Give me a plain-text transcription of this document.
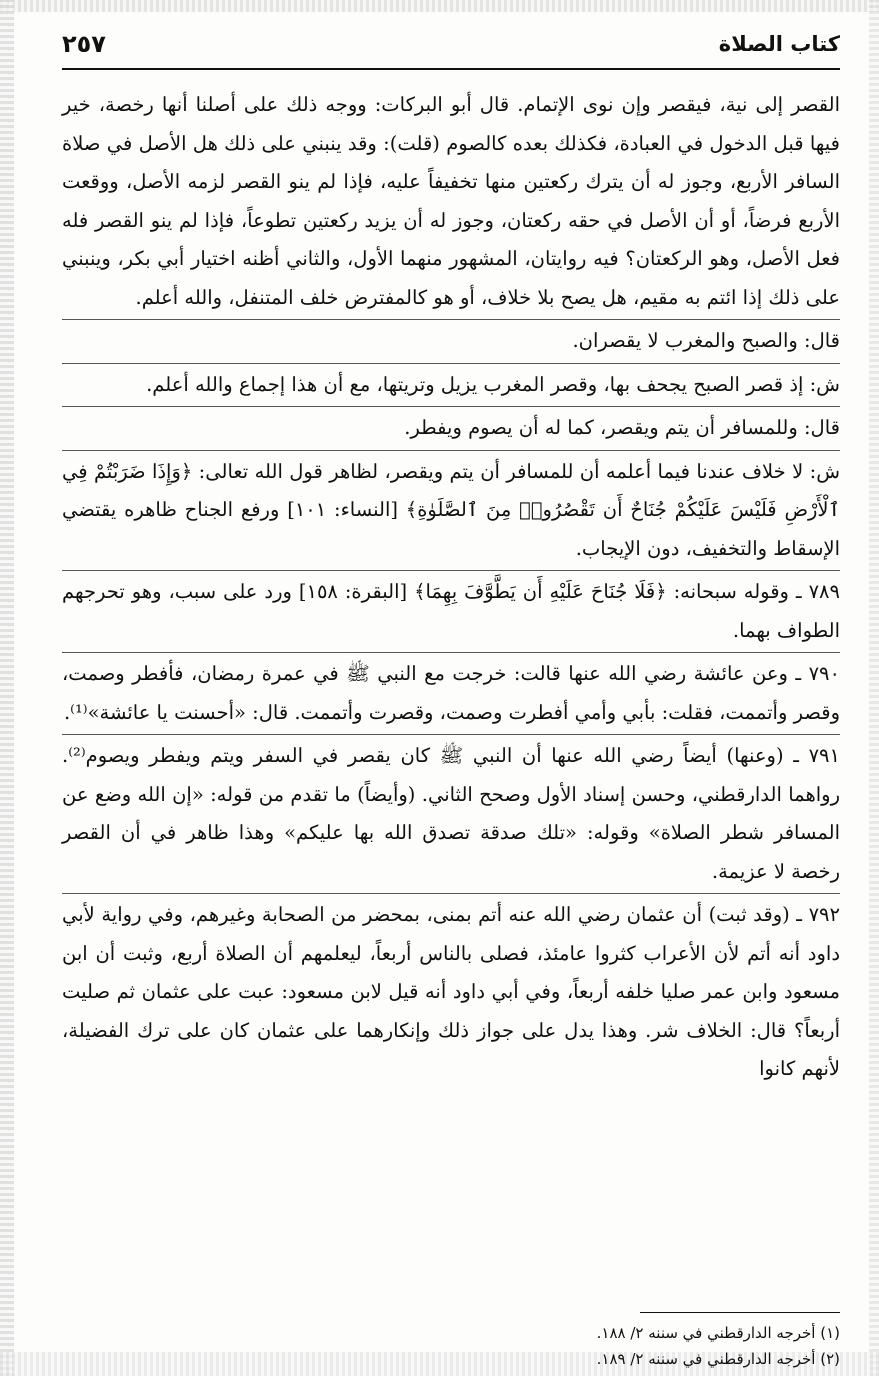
كتاب الصلاة
٢٥٧

القصر إلى نية، فيقصر وإن نوى الإتمام. قال أبو البركات: ووجه ذلك على أصلنا أنها رخصة، خير فيها قبل الدخول في العبادة، فكذلك بعده كالصوم (قلت): وقد ينبني على ذلك هل الأصل في صلاة السافر الأربع، وجوز له أن يترك ركعتين منها تخفيفاً عليه، فإذا لم ينو القصر لزمه الأصل، ووقعت الأربع فرضاً، أو أن الأصل في حقه ركعتان، وجوز له أن يزيد ركعتين تطوعاً، فإذا لم ينو القصر فله فعل الأصل، وهو الركعتان؟ فيه روايتان، المشهور منهما الأول، والثاني أظنه اختيار أبي بكر، وينبني على ذلك إذا ائتم به مقيم، هل يصح بلا خلاف، أو هو كالمفترض خلف المتنفل، والله أعلم.

قال: والصبح والمغرب لا يقصران.

ش: إذ قصر الصبح يجحف بها، وقصر المغرب يزيل وتريتها، مع أن هذا إجماع والله أعلم.

قال: وللمسافر أن يتم ويقصر، كما له أن يصوم ويفطر.

ش: لا خلاف عندنا فيما أعلمه أن للمسافر أن يتم ويقصر، لظاهر قول الله تعالى: ﴿وَإِذَا ضَرَبْتُمْ فِي ٱلْأَرْضِ فَلَيْسَ عَلَيْكُمْ جُنَاحٌ أَن تَقْصُرُوا۟ مِنَ ٱلصَّلَوٰةِ﴾ [النساء: ١٠١] ورفع الجناح ظاهره يقتضي الإسقاط والتخفيف، دون الإيجاب.

٧٨٩ ـ وقوله سبحانه: ﴿فَلَا جُنَاحَ عَلَيْهِ أَن يَطَّوَّفَ بِهِمَا﴾ [البقرة: ١٥٨] ورد على سبب، وهو تحرجهم الطواف بهما.

٧٩٠ ـ وعن عائشة رضي الله عنها قالت: خرجت مع النبي ﷺ في عمرة رمضان، فأفطر وصمت، وقصر وأتممت، فقلت: بأبي وأمي أفطرت وصمت، وقصرت وأتممت. قال: «أحسنت يا عائشة»⁽¹⁾.

٧٩١ ـ (وعنها) أيضاً رضي الله عنها أن النبي ﷺ كان يقصر في السفر ويتم ويفطر ويصوم⁽²⁾. رواهما الدارقطني، وحسن إسناد الأول وصحح الثاني. (وأيضاً) ما تقدم من قوله: «إن الله وضع عن المسافر شطر الصلاة» وقوله: «تلك صدقة تصدق الله بها عليكم» وهذا ظاهر في أن القصر رخصة لا عزيمة.

٧٩٢ ـ (وقد ثبت) أن عثمان رضي الله عنه أتم بمنى، بمحضر من الصحابة وغيرهم، وفي رواية لأبي داود أنه أتم لأن الأعراب كثروا عامئذ، فصلى بالناس أربعاً، ليعلمهم أن الصلاة أربع، وثبت أن ابن مسعود وابن عمر صليا خلفه أربعاً، وفي أبي داود أنه قيل لابن مسعود: عبت على عثمان ثم صليت أربعاً؟ قال: الخلاف شر. وهذا يدل على جواز ذلك وإنكارهما على عثمان كان على ترك الفضيلة، لأنهم كانوا

(١) أخرجه الدارقطني في سننه ٢/ ١٨٨.
(٢) أخرجه الدارقطني في سننه ٢/ ١٨٩.
